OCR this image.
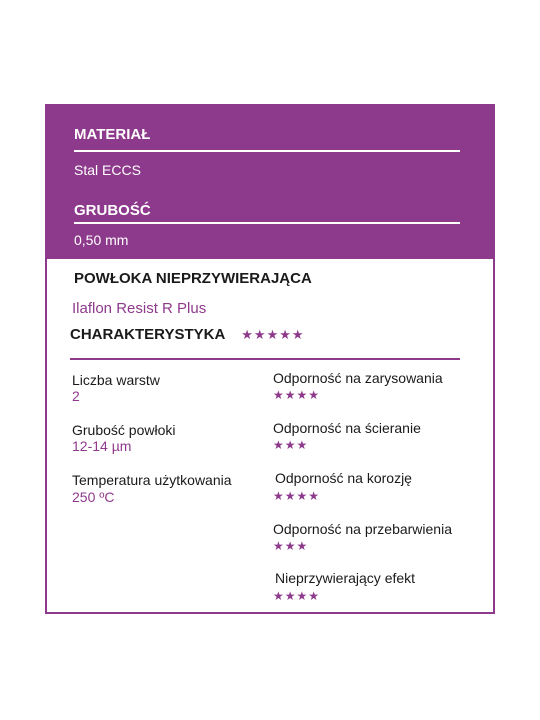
MATERIAŁ
Stal ECCS
GRUBOŚĆ
0,50 mm
POWŁOKA NIEPRZYWIERAJĄCA
Ilaflon Resist R Plus
CHARAKTERYSTYKA ★★★★★
Liczba warstw
2
Grubość powłoki
12-14 µm
Temperatura użytkowania
250 ºC
Odporność na zarysowania
★★★★
Odporność na ścieranie
★★★
Odporność na korozję
★★★★
Odporność na przebarwienia
★★★
Nieprzywierający efekt
★★★★
